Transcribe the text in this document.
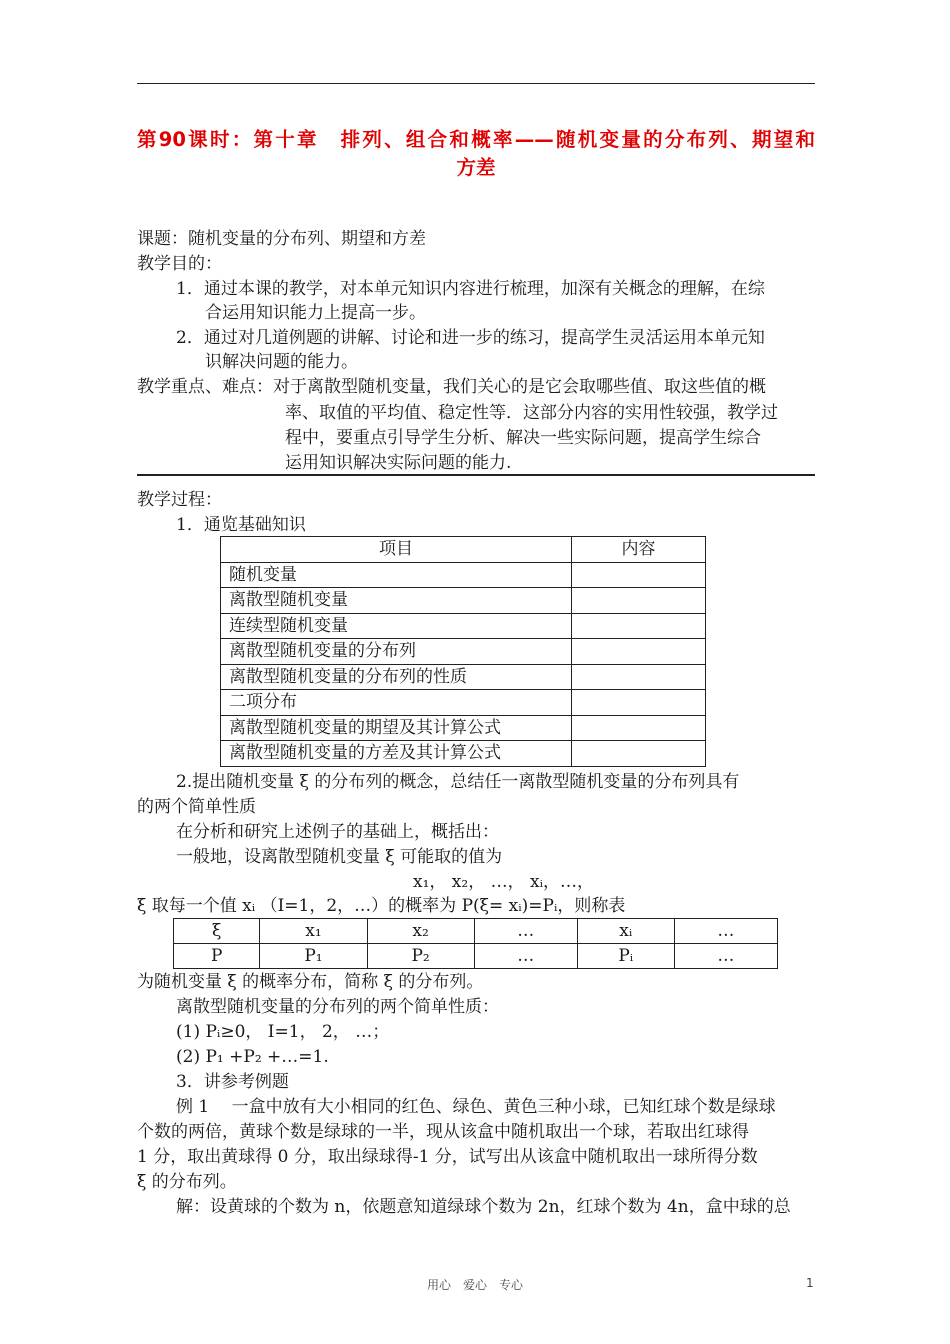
第90课时：第十章　排列、组合和概率——随机变量的分布列、期望和
方差
课题：随机变量的分布列、期望和方差
教学目的：
1．通过本课的教学，对本单元知识内容进行梳理，加深有关概念的理解，在综
合运用知识能力上提高一步。
2．通过对几道例题的讲解、讨论和进一步的练习，提高学生灵活运用本单元知
识解决问题的能力。
教学重点、难点：对于离散型随机变量，我们关心的是它会取哪些值、取这些值的概
率、取值的平均值、稳定性等．这部分内容的实用性较强，教学过
程中，要重点引导学生分析、解决一些实际问题，提高学生综合
运用知识解决实际问题的能力.
教学过程：
1．通览基础知识
项目	内容
随机变量	
离散型随机变量	
连续型随机变量	
离散型随机变量的分布列	
离散型随机变量的分布列的性质	
二项分布	
离散型随机变量的期望及其计算公式	
离散型随机变量的方差及其计算公式	
2.提出随机变量 ξ 的分布列的概念，总结任一离散型随机变量的分布列具有
的两个简单性质
在分析和研究上述例子的基础上，概括出：
一般地，设离散型随机变量 ξ 可能取的值为
x₁， x₂， …， xᵢ，…，
ξ 取每一个值 xᵢ （I=1，2，…）的概率为 P(ξ= xᵢ)=Pᵢ，则称表
ξ	x₁	x₂	…	xᵢ	…
P	P₁	P₂	…	Pᵢ	…
为随机变量 ξ 的概率分布，简称 ξ 的分布列。
离散型随机变量的分布列的两个简单性质：
(1) Pᵢ≥0， I=1， 2， …；
(2) P₁ +P₂ +…=1.
3．讲参考例题
例 1　 一盒中放有大小相同的红色、绿色、黄色三种小球，已知红球个数是绿球
个数的两倍，黄球个数是绿球的一半，现从该盒中随机取出一个球，若取出红球得
1 分，取出黄球得 0 分，取出绿球得-1 分，试写出从该盒中随机取出一球所得分数
ξ 的分布列。
解：设黄球的个数为 n，依题意知道绿球个数为 2n，红球个数为 4n，盒中球的总
用心　爱心　专心	1
